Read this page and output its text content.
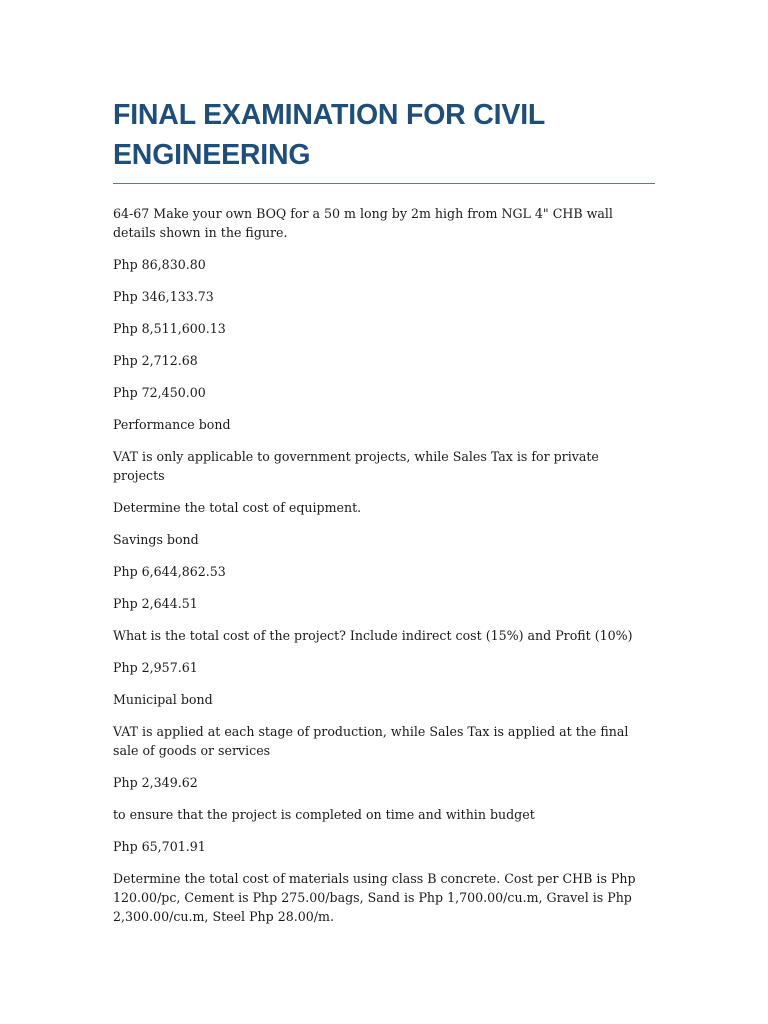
FINAL EXAMINATION FOR CIVIL ENGINEERING

64-67 Make your own BOQ for a 50 m long by 2m high from NGL 4" CHB wall details shown in the figure.

Php 86,830.80

Php 346,133.73

Php 8,511,600.13

Php 2,712.68

Php 72,450.00

Performance bond

VAT is only applicable to government projects, while Sales Tax is for private projects

Determine the total cost of equipment.

Savings bond

Php 6,644,862.53

Php 2,644.51

What is the total cost of the project? Include indirect cost (15%) and Profit (10%)

Php 2,957.61

Municipal bond

VAT is applied at each stage of production, while Sales Tax is applied at the final sale of goods or services

Php 2,349.62

to ensure that the project is completed on time and within budget

Php 65,701.91

Determine the total cost of materials using class B concrete. Cost per CHB is Php 120.00/pc, Cement is Php 275.00/bags, Sand is Php 1,700.00/cu.m, Gravel is Php 2,300.00/cu.m, Steel Php 28.00/m.
